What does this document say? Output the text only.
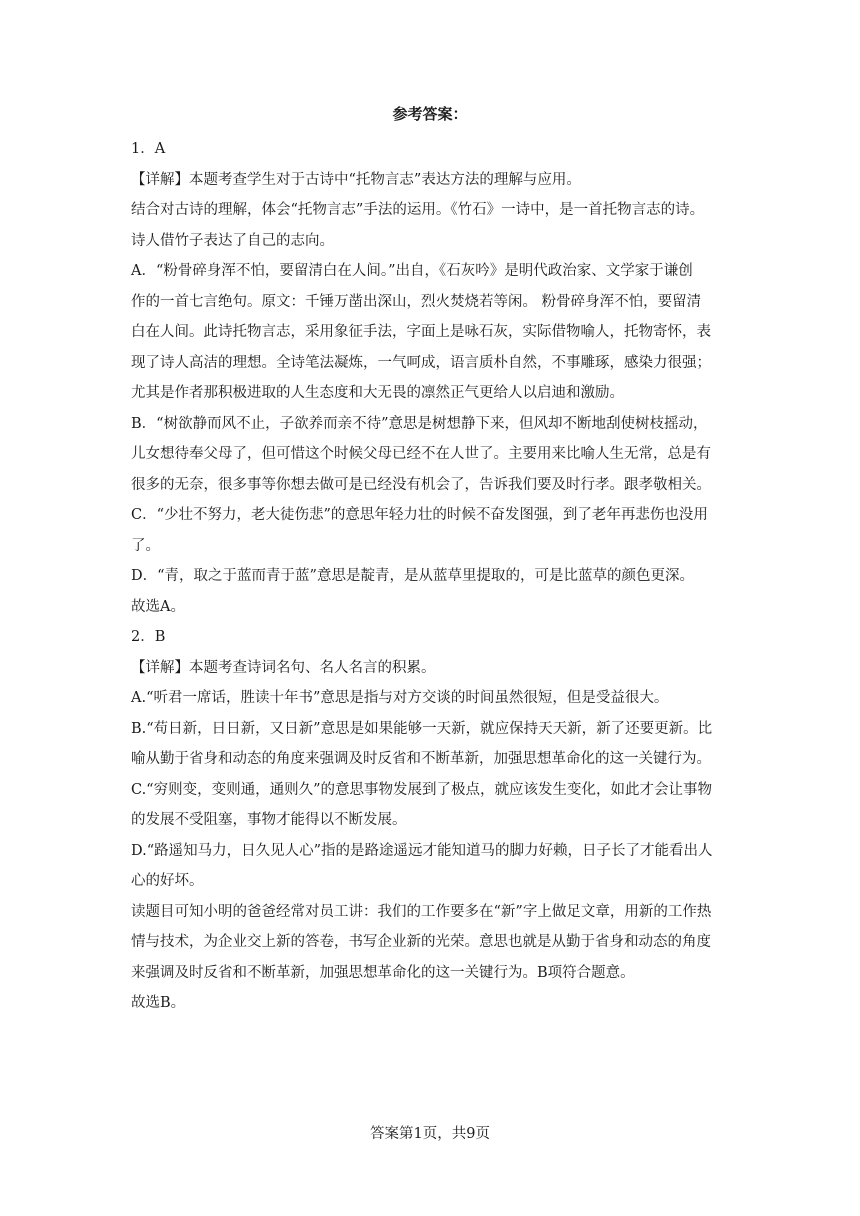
参考答案：
1．A
【详解】本题考查学生对于古诗中“托物言志”表达方法的理解与应用。
结合对古诗的理解，体会“托物言志”手法的运用。《竹石》一诗中，是一首托物言志的诗。
诗人借竹子表达了自己的志向。
A．“粉骨碎身浑不怕，要留清白在人间。”出自，《石灰吟》是明代政治家、文学家于谦创
作的一首七言绝句。原文：千锤万凿出深山，烈火焚烧若等闲。 粉骨碎身浑不怕，要留清
白在人间。此诗托物言志，采用象征手法，字面上是咏石灰，实际借物喻人，托物寄怀，表
现了诗人高洁的理想。全诗笔法凝炼，一气呵成，语言质朴自然，不事雕琢，感染力很强；
尤其是作者那积极进取的人生态度和大无畏的凛然正气更给人以启迪和激励。
B．“树欲静而风不止，子欲养而亲不待”意思是树想静下来，但风却不断地刮使树枝摇动，
儿女想待奉父母了，但可惜这个时候父母已经不在人世了。主要用来比喻人生无常，总是有
很多的无奈，很多事等你想去做可是已经没有机会了，告诉我们要及时行孝。跟孝敬相关。
C．“少壮不努力，老大徒伤悲”的意思年轻力壮的时候不奋发图强，到了老年再悲伤也没用
了。
D．“青，取之于蓝而青于蓝”意思是靛青，是从蓝草里提取的，可是比蓝草的颜色更深。
故选A。
2．B
【详解】本题考查诗词名句、名人名言的积累。
A.“听君一席话，胜读十年书”意思是指与对方交谈的时间虽然很短，但是受益很大。
B.“苟日新，日日新，又日新”意思是如果能够一天新，就应保持天天新，新了还要更新。比
喻从勤于省身和动态的角度来强调及时反省和不断革新，加强思想革命化的这一关键行为。
C.“穷则变，变则通，通则久”的意思事物发展到了极点，就应该发生变化，如此才会让事物
的发展不受阻塞，事物才能得以不断发展。
D.“路遥知马力，日久见人心”指的是路途遥远才能知道马的脚力好赖，日子长了才能看出人
心的好坏。
读题目可知小明的爸爸经常对员工讲：我们的工作要多在“新”字上做足文章，用新的工作热
情与技术，为企业交上新的答卷，书写企业新的光荣。意思也就是从勤于省身和动态的角度
来强调及时反省和不断革新，加强思想革命化的这一关键行为。B项符合题意。
故选B。
答案第1页，共9页
